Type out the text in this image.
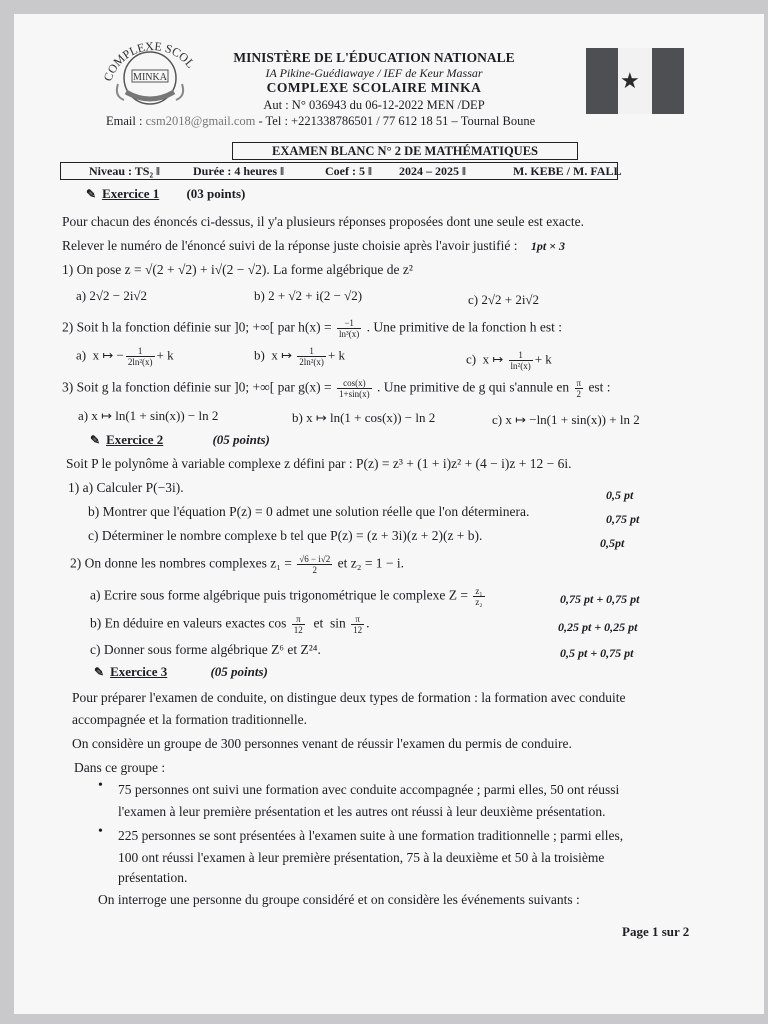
COMPLEXE SCOL
MINKA
MINISTÈRE DE L'ÉDUCATION NATIONALE
IA Pikine-Guédiawaye / IEF de Keur Massar
COMPLEXE SCOLAIRE MINKA
Aut : N° 036943 du 06-12-2022 MEN /DEP
Email : csm2018@gmail.com - Tel : +221338786501 / 77 612 18 51 – Tournal Boune
★
EXAMEN BLANC N° 2 DE MATHÉMATIQUES
Niveau : TS₂ ‖	Durée : 4 heures ‖	Coef : 5 ‖ 2024 – 2025 ‖	M. KEBE / M. FALL
✎ Exercice 1 (03 points)
Pour chacun des énoncés ci-dessus, il y'a plusieurs réponses proposées dont une seule est exacte.
Relever le numéro de l'énoncé suivi de la réponse juste choisie après l'avoir justifié : 1pt × 3
1) On pose z = √(2 + √2) + i√(2 − √2). La forme algébrique de z²
a) 2√2 − 2i√2	b) 2 + √2 + i(2 − √2)	c) 2√2 + 2i√2
2) Soit h la fonction définie sur ]0; +∞[ par $h(x) = \frac{-1}{\text{ln³(x)}}$ . Une primitive de la fonction h est :
a)  x ↦ − $\frac{1}{\text{2ln²(x)}} + k$	b)  x ↦ $\frac{1}{\text{2ln²(x)}} + k$	c)  x ↦ $\frac{1}{\text{ln²(x)}} + k$
3) Soit g la fonction définie sur ]0; +∞[ par $g(x) = \frac{\cos(x)}{1+\sin(x)}$ . Une primitive de g qui s'annule en $\frac{\pi}{2}$ est :
a) x ↦ ln(1 + sin(x)) − ln 2	b) x ↦ ln(1 + cos(x)) − ln 2	c) x ↦ −ln(1 + sin(x)) + ln 2
✎ Exercice 2	(05 points)
Soit P le polynôme à variable complexe z défini par : P(z) = z³ + (1 + i)z² + (4 − i)z + 12 − 6i.
1) a) Calculer P(−3i).	0,5 pt
b) Montrer que l'équation P(z) = 0 admet une solution réelle que l'on déterminera.	0,75 pt
c) Déterminer le nombre complexe b tel que P(z) = (z + 3i)(z + 2)(z + b).	0,5pt
2) On donne les nombres complexes $z_1 = \frac{√6 - i√2}{2}$ et z₂ = 1 − i.
a) Ecrire sous forme algébrique puis trigonométrique le complexe $Z = \frac{\text{z₁}}{\text{z₂}}$	0,75 pt + 0,75 pt
b) En déduire en valeurs exactes $\cos \frac{\pi}{12}$ et  $\sin \frac{\pi}{12}$ .	0,25 pt + 0,25 pt
c) Donner sous forme algébrique Z⁶ et Z²⁴.	0,5 pt + 0,75 pt
✎ Exercice 3	(05 points)
Pour préparer l'examen de conduite, on distingue deux types de formation : la formation avec conduite
accompagnée et la formation traditionnelle.
On considère un groupe de 300 personnes venant de réussir l'examen du permis de conduire.
Dans ce groupe :
• 75 personnes ont suivi une formation avec conduite accompagnée ; parmi elles, 50 ont réussi
l'examen à leur première présentation et les autres ont réussi à leur deuxième présentation.
• 225 personnes se sont présentées à l'examen suite à une formation traditionnelle ; parmi elles,
100 ont réussi l'examen à leur première présentation, 75 à la deuxième et 50 à la troisième
présentation.
On interroge une personne du groupe considéré et on considère les événements suivants :
Page 1 sur 2
